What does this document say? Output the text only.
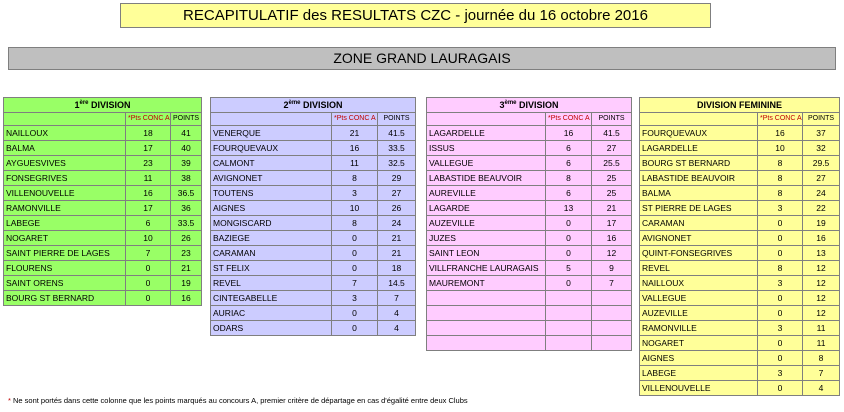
RECAPITULATIF des RESULTATS CZC - journée du 16 octobre 2016
ZONE GRAND LAURAGAIS
1ère DIVISION		
	*Pts CONC A	POINTS
NAILLOUX	18	41
BALMA	17	40
AYGUESVIVES	23	39
FONSEGRIVES	11	38
VILLENOUVELLE	16	36.5
RAMONVILLE	17	36
LABEGE	6	33.5
NOGARET	10	26
SAINT PIERRE DE LAGES	7	23
FLOURENS	0	21
SAINT ORENS	0	19
BOURG ST BERNARD	0	16
2ème DIVISION		
	*Pts CONC A	POINTS
VENERQUE	21	41.5
FOURQUEVAUX	16	33.5
CALMONT	11	32.5
AVIGNONET	8	29
TOUTENS	3	27
AIGNES	10	26
MONGISCARD	8	24
BAZIEGE	0	21
CARAMAN	0	21
ST FELIX	0	18
REVEL	7	14.5
CINTEGABELLE	3	7
AURIAC	0	4
ODARS	0	4
3ème DIVISION		
	*Pts CONC A	POINTS
LAGARDELLE	16	41.5
ISSUS	6	27
VALLEGUE	6	25.5
LABASTIDE BEAUVOIR	8	25
AUREVILLE	6	25
LAGARDE	13	21
AUZEVILLE	0	17
JUZES	0	16
SAINT LEON	0	12
VILLFRANCHE LAURAGAIS	5	9
MAUREMONT	0	7

DIVISION FEMININE		
	*Pts CONC A	POINTS
FOURQUEVAUX	16	37
LAGARDELLE	10	32
BOURG ST BERNARD	8	29.5
LABASTIDE BEAUVOIR	8	27
BALMA	8	24
ST PIERRE DE LAGES	3	22
CARAMAN	0	19
AVIGNONET	0	16
QUINT-FONSEGRIVES	0	13
REVEL	8	12
NAILLOUX	3	12
VALLEGUE	0	12
AUZEVILLE	0	12
RAMONVILLE	3	11
NOGARET	0	11
AIGNES	0	8
LABEGE	3	7
VILLENOUVELLE	0	4
* Ne sont portés dans cette colonne que les points marqués au concours A, premier critère de départage en cas d'égalité entre deux Clubs
